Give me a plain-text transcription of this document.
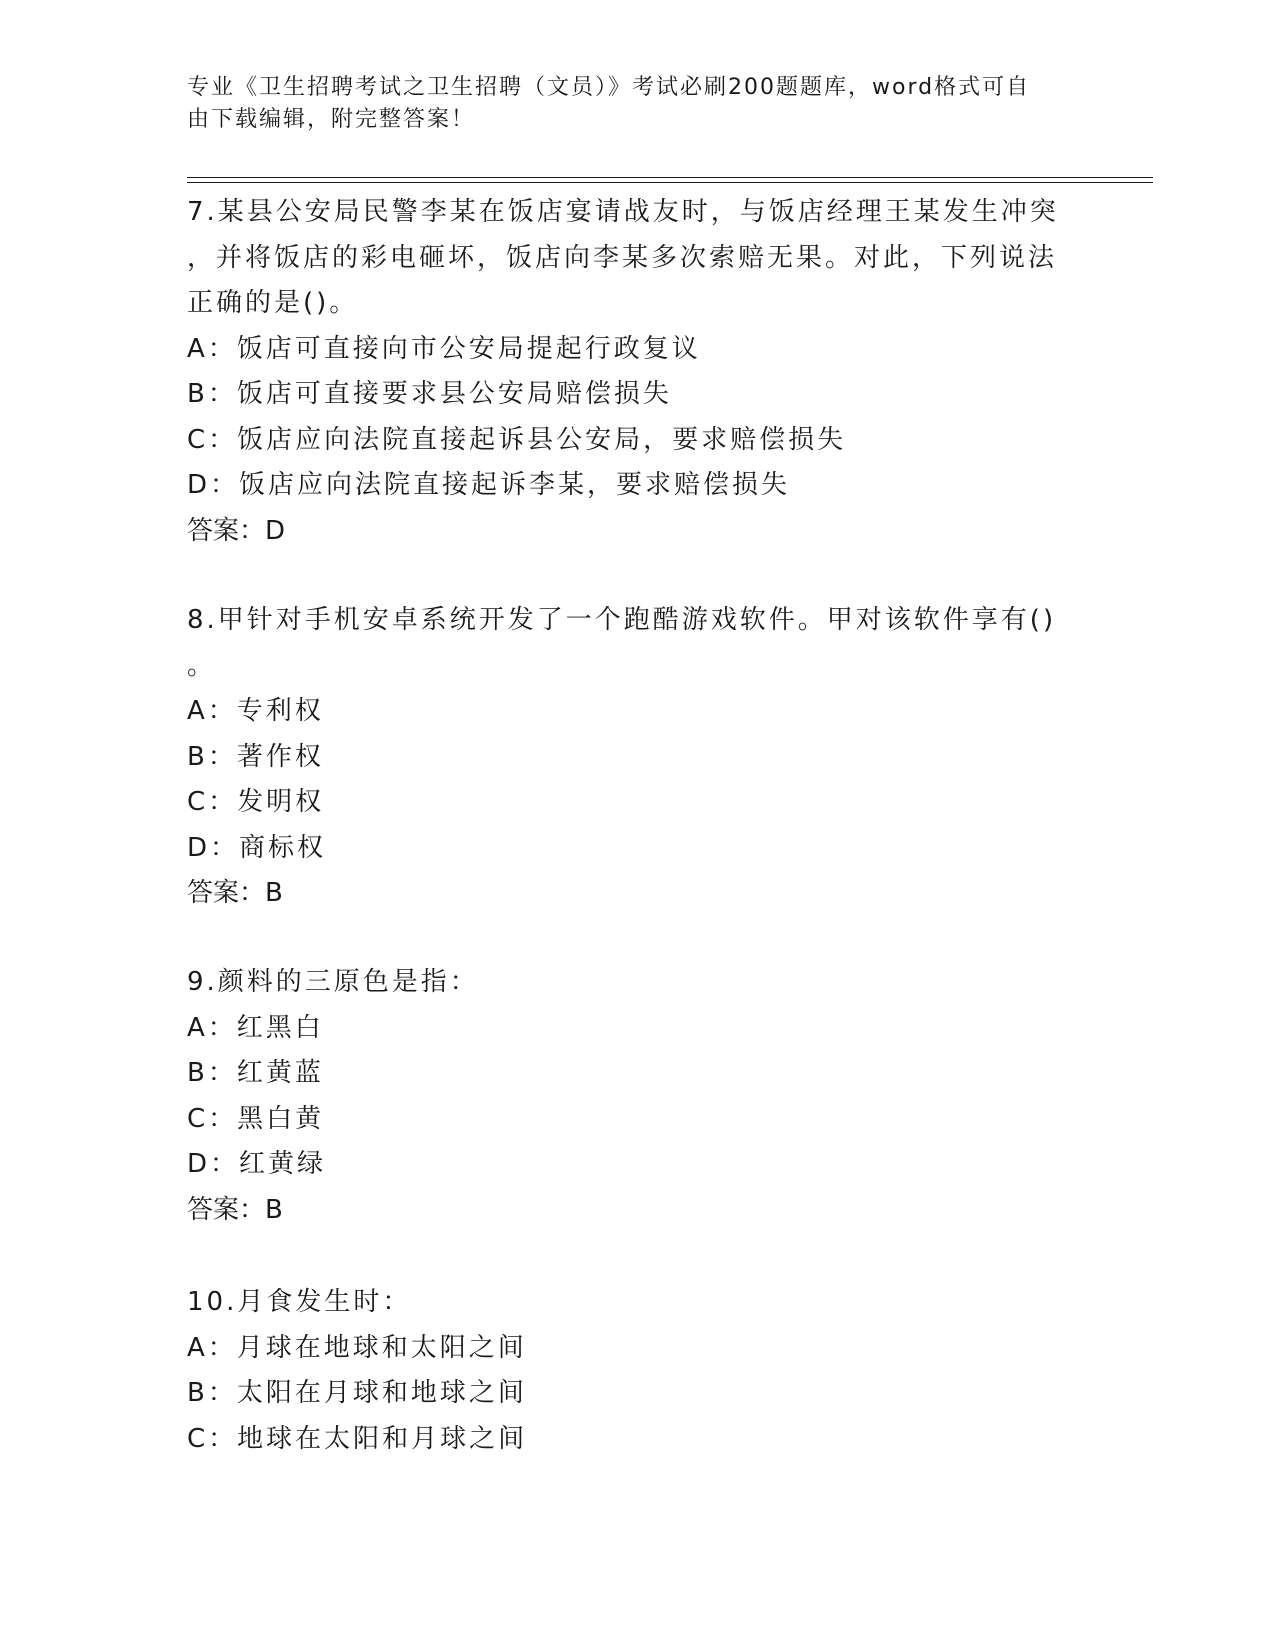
专业《卫生招聘考试之卫生招聘（文员）》考试必刷200题题库，word格式可自
由下载编辑，附完整答案！
7.某县公安局民警李某在饭店宴请战友时，与饭店经理王某发生冲突
，并将饭店的彩电砸坏，饭店向李某多次索赔无果。对此，下列说法
正确的是()。
A：饭店可直接向市公安局提起行政复议
B：饭店可直接要求县公安局赔偿损失
C：饭店应向法院直接起诉县公安局，要求赔偿损失
D：饭店应向法院直接起诉李某，要求赔偿损失
答案：D
8.甲针对手机安卓系统开发了一个跑酷游戏软件。甲对该软件享有()
。
A：专利权
B：著作权
C：发明权
D：商标权
答案：B
9.颜料的三原色是指：
A：红黑白
B：红黄蓝
C：黑白黄
D：红黄绿
答案：B
10.月食发生时：
A：月球在地球和太阳之间
B：太阳在月球和地球之间
C：地球在太阳和月球之间
